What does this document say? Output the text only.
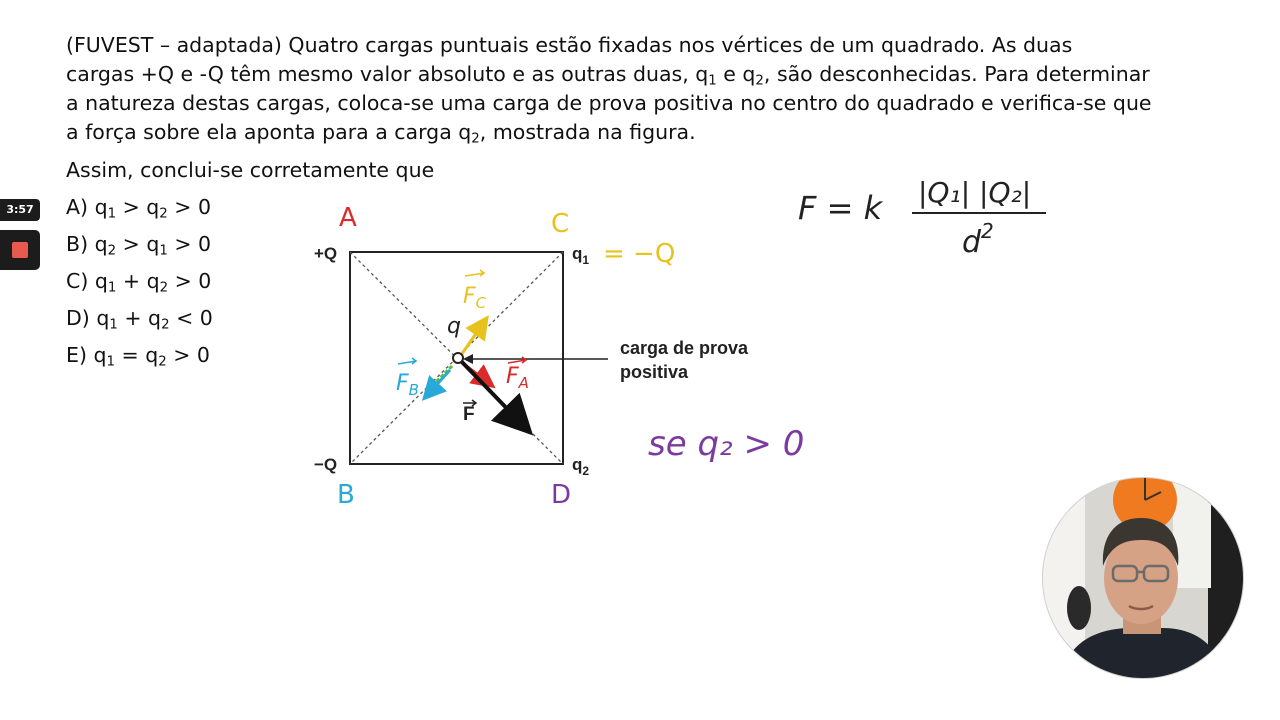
(FUVEST – adaptada) Quatro cargas puntuais estão fixadas nos vértices de um quadrado. As duas

cargas +Q e -Q têm mesmo valor absoluto e as outras duas, $q_1$ e $q_2$, são desconhecidas. Para determinar

a natureza destas cargas, coloca-se uma carga de prova positiva no centro do quadrado e verifica-se que

a força sobre ela aponta para a carga $q_2$, mostrada na figura.

Assim, conclui-se corretamente que
A) $q_1 > q_2 > 0$
B) $q_2 > q_1 > 0$
C) $q_1 + q_2 > 0$
D) $q_1 + q_2 < 0$
E) $q_1 = q_2 > 0$
3:57
+Q	$q_1$
−Q	$q_2$
carga de prova
positiva
F
A
B
C
D
= −Q
q
$F_C$
$F_B$
$F_A$
F = k |Q₁| |Q₂|
$d^2$
se q₂ > 0
